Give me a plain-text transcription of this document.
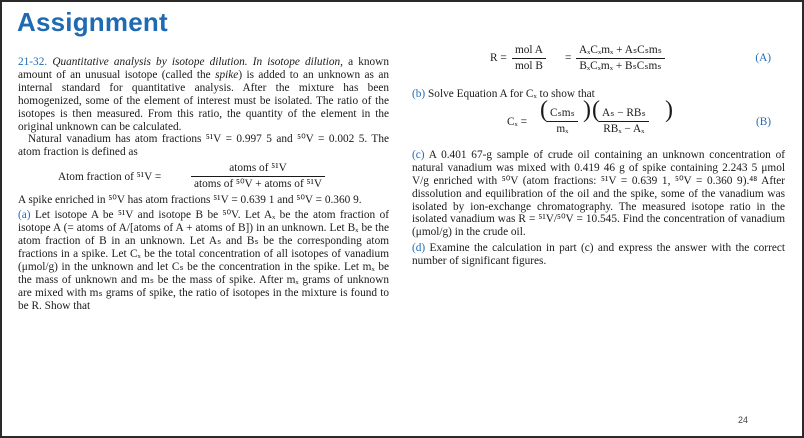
Assignment

21-32. Quantitative analysis by isotope dilution. In isotope dilution, a known amount of an unusual isotope (called the spike) is added to an unknown as an internal standard for quantitative analysis. After the mixture has been homogenized, some of the element of interest must be isolated. The ratio of the isotopes is then measured. From this ratio, the quantity of the element in the original unknown can be calculated.

Natural vanadium has atom fractions ⁵¹V = 0.997 5 and ⁵⁰V = 0.002 5. The atom fraction is defined as

Atom fraction of ⁵¹V =
atoms of ⁵¹V
atoms of ⁵⁰V + atoms of ⁵¹V

A spike enriched in ⁵⁰V has atom fractions ⁵¹V = 0.639 1 and ⁵⁰V = 0.360 9.

(a) Let isotope A be ⁵¹V and isotope B be ⁵⁰V. Let Aₓ be the atom fraction of isotope A (= atoms of A/[atoms of A + atoms of B]) in an unknown. Let Bₓ be the atom fraction of B in an unknown. Let Aₛ and Bₛ be the corresponding atom fractions in a spike. Let Cₓ be the total concentration of all isotopes of vanadium (μmol/g) in the unknown and let Cₛ be the concentration in the spike. Let mₓ be the mass of unknown and mₛ be the mass of spike. After mₓ grams of unknown are mixed with mₛ grams of spike, the ratio of isotopes in the mixture is found to be R. Show that

R =
mol A
mol B
=
AₓCₓmₓ + AₛCₛmₛ
BₓCₓmₓ + BₛCₛmₛ
(A)

(b) Solve Equation A for Cₓ to show that

Cₓ = ( Cₛmₛ
mₓ
) ( Aₛ − RBₛ
RBₓ − Aₓ
)	(B)

(c) A 0.401 67-g sample of crude oil containing an unknown concentration of natural vanadium was mixed with 0.419 46 g of spike containing 2.243 5 μmol V/g enriched with ⁵⁰V (atom fractions: ⁵¹V = 0.639 1, ⁵⁰V = 0.360 9).⁴⁸ After dissolution and equilibration of the oil and the spike, some of the vanadium was isolated by ion-exchange chromatography. The measured isotope ratio in the isolated vanadium was R = ⁵¹V/⁵⁰V = 10.545. Find the concentration of vanadium (μmol/g) in the crude oil.

(d) Examine the calculation in part (c) and express the answer with the correct number of significant figures.

24
